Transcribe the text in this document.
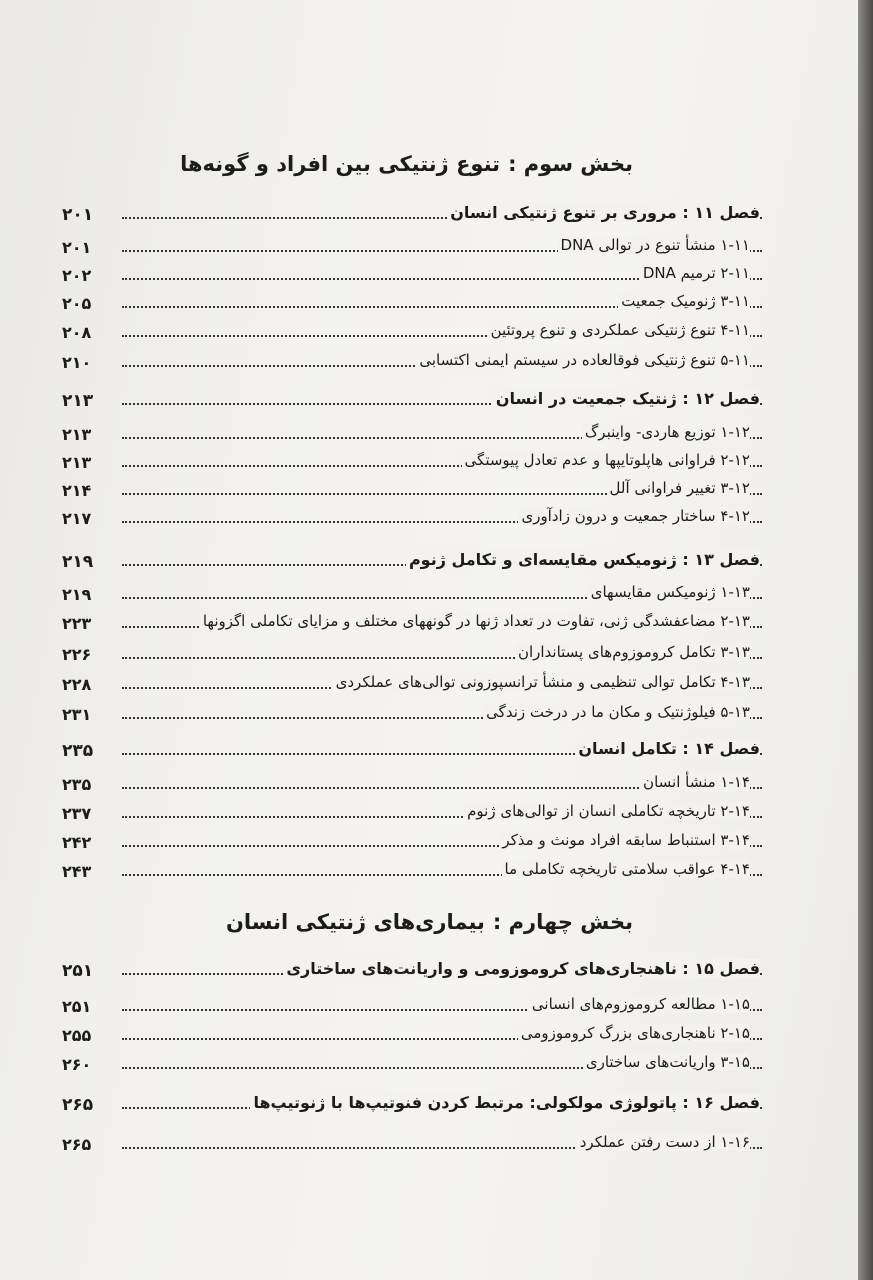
بخش سوم :تنوع ژنتیکی بین افراد و گونه‌ها
فصل ۱۱ : مروری بر تنوع ژنتیکی انسان
۲۰۱
۱-۱۱ منشأ تنوع در توالی DNA
۲۰۱
۲-۱۱ ترمیم DNA
۲۰۲
۳-۱۱ ژنومیک جمعیت
۲۰۵
۴-۱۱ تنوع ژنتیکی عملکردی و تنوع پروتئین
۲۰۸
۵-۱۱ تنوع ژنتیکی فوقالعاده در سیستم ایمنی اکتسابی
۲۱۰
فصل ۱۲ : ژنتیک جمعیت در انسان
۲۱۳
۱-۱۲ توزیع هاردی- واینبرگ
۲۱۳
۲-۱۲ فراوانی هاپلوتایپها و عدم تعادل پیوستگی
۲۱۳
۳-۱۲ تغییر فراوانی آلل
۲۱۴
۴-۱۲ ساختار جمعیت و درون زادآوری
۲۱۷
فصل ۱۳ : ژنومیکس مقایسه‌ای و تکامل ژنوم
۲۱۹
۱-۱۳ ژنومیکس مقایسهای
۲۱۹
۲-۱۳ مضاعفشدگی ژنی، تفاوت در تعداد ژنها در گونههای مختلف و مزایای تکاملی اگزونها
۲۲۳
۳-۱۳ تکامل کروموزوم‌های پستانداران
۲۲۶
۴-۱۳ تکامل توالی تنظیمی و منشأ ترانسپوزونی توالی‌های عملکردی
۲۲۸
۵-۱۳ فیلوژنتیک و مکان ما در درخت زندگی
۲۳۱
فصل ۱۴ : تکامل انسان
۲۳۵
۱-۱۴ منشأ انسان
۲۳۵
۲-۱۴ تاریخچه تکاملی انسان از توالی‌های ژنوم
۲۳۷
۳-۱۴ استنباط سابقه افراد مونث و مذکر
۲۴۲
۴-۱۴ عواقب سلامتی تاریخچه تکاملی ما
۲۴۳
بخش چهارم :بیماری‌های ژنتیکی انسان
فصل ۱۵ : ناهنجاری‌های کروموزومی و واریانت‌های ساختاری
۲۵۱
۱-۱۵ مطالعه کروموزوم‌های انسانی
۲۵۱
۲-۱۵ ناهنجاری‌های بزرگ کروموزومی
۲۵۵
۳-۱۵ واریانت‌های ساختاری
۲۶۰
فصل ۱۶ : پاتولوژی مولکولی: مرتبط کردن فنوتیپ‌ها با ژنوتیپ‌ها
۲۶۵
۱-۱۶ از دست رفتن عملکرد
۲۶۵
